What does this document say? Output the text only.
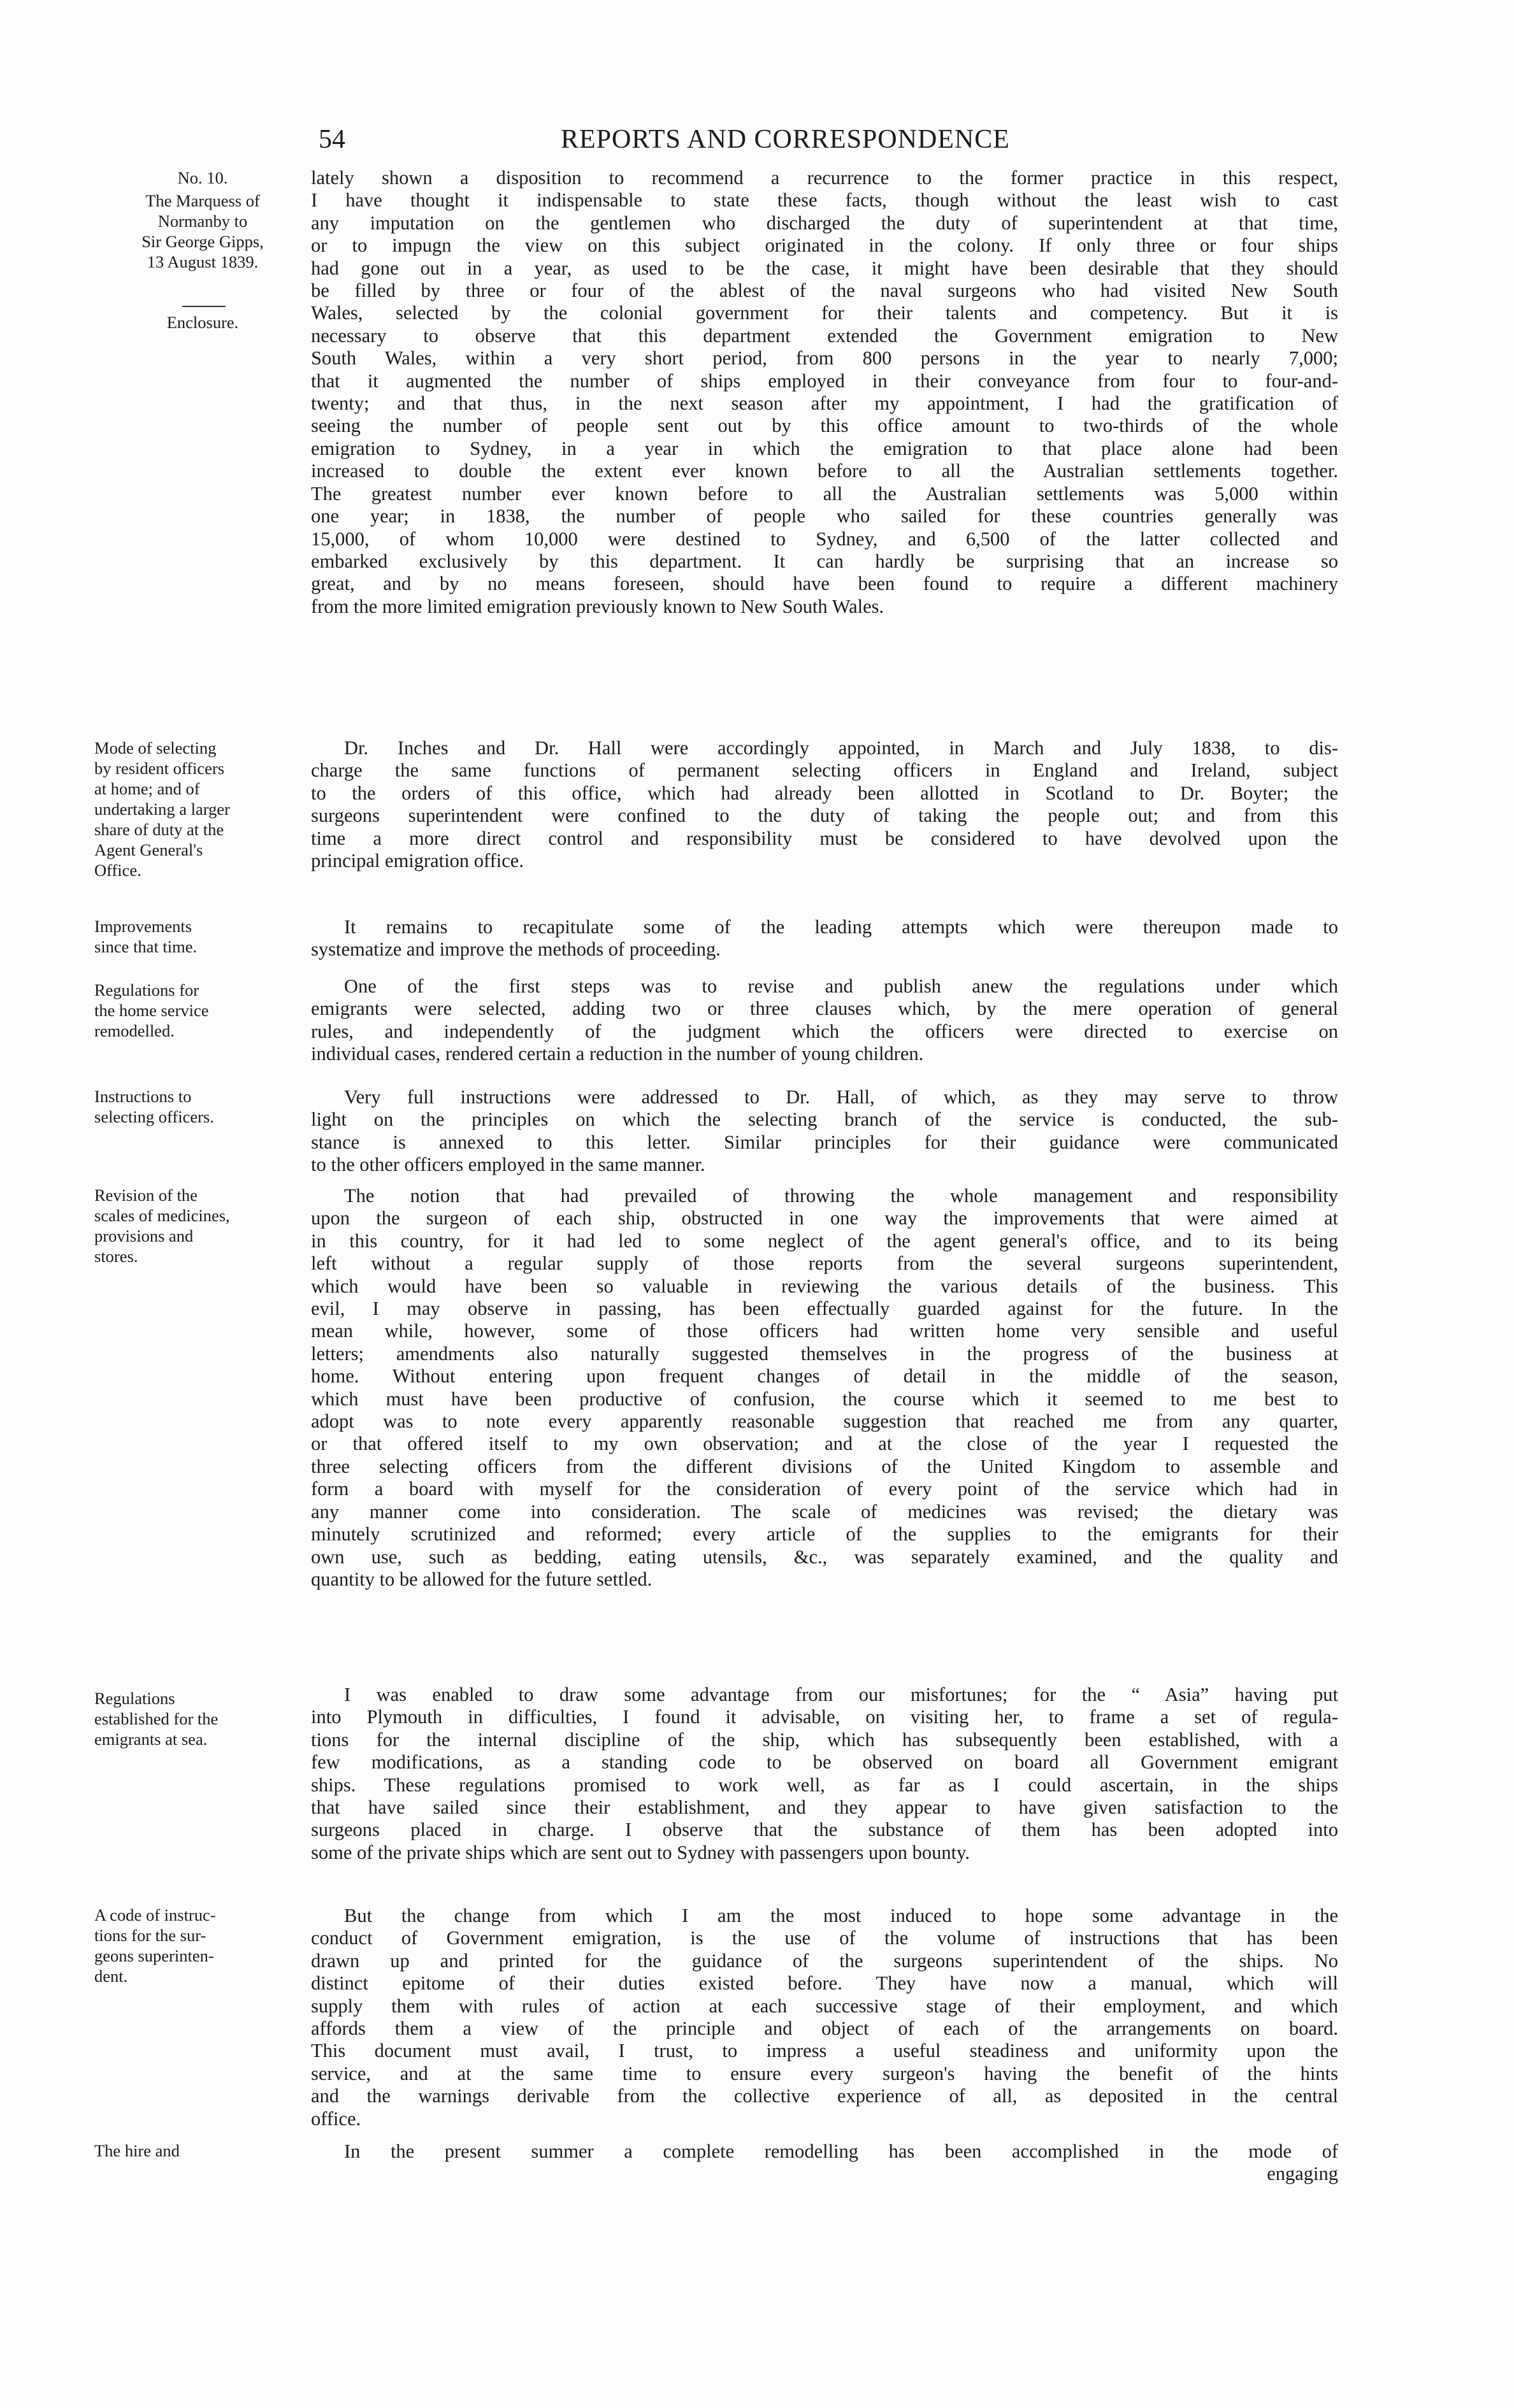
54	REPORTS AND CORRESPONDENCE
No. 10.
The Marquess of
Normanby to
Sir George Gipps,
13 August 1839.
Enclosure.
Mode of selecting
by resident officers
at home; and of
undertaking a larger
share of duty at the
Agent General's
Office.
Improvements
since that time.
Regulations for
the home service
remodelled.
Instructions to
selecting officers.
Revision of the
scales of medicines,
provisions and
stores.
Regulations
established for the
emigrants at sea.
A code of instruc-
tions for the sur-
geons superinten-
dent.
The hire and
lately shown a disposition to recommend a recurrence to the former practice in this respect,
I have thought it indispensable to state these facts, though without the least wish to cast
any imputation on the gentlemen who discharged the duty of superintendent at that time,
or to impugn the view on this subject originated in the colony. If only three or four ships
had gone out in a year, as used to be the case, it might have been desirable that they should
be filled by three or four of the ablest of the naval surgeons who had visited New South
Wales, selected by the colonial government for their talents and competency. But it is
necessary to observe that this department extended the Government emigration to New
South Wales, within a very short period, from 800 persons in the year to nearly 7,000;
that it augmented the number of ships employed in their conveyance from four to four-and-
twenty; and that thus, in the next season after my appointment, I had the gratification of
seeing the number of people sent out by this office amount to two-thirds of the whole
emigration to Sydney, in a year in which the emigration to that place alone had been
increased to double the extent ever known before to all the Australian settlements together.
The greatest number ever known before to all the Australian settlements was 5,000 within
one year; in 1838, the number of people who sailed for these countries generally was
15,000, of whom 10,000 were destined to Sydney, and 6,500 of the latter collected and
embarked exclusively by this department. It can hardly be surprising that an increase so
great, and by no means foreseen, should have been found to require a different machinery
from the more limited emigration previously known to New South Wales.
Dr. Inches and Dr. Hall were accordingly appointed, in March and July 1838, to dis-
charge the same functions of permanent selecting officers in England and Ireland, subject
to the orders of this office, which had already been allotted in Scotland to Dr. Boyter; the
surgeons superintendent were confined to the duty of taking the people out; and from this
time a more direct control and responsibility must be considered to have devolved upon the
principal emigration office.
It remains to recapitulate some of the leading attempts which were thereupon made to
systematize and improve the methods of proceeding.
One of the first steps was to revise and publish anew the regulations under which
emigrants were selected, adding two or three clauses which, by the mere operation of general
rules, and independently of the judgment which the officers were directed to exercise on
individual cases, rendered certain a reduction in the number of young children.
Very full instructions were addressed to Dr. Hall, of which, as they may serve to throw
light on the principles on which the selecting branch of the service is conducted, the sub-
stance is annexed to this letter. Similar principles for their guidance were communicated
to the other officers employed in the same manner.
The notion that had prevailed of throwing the whole management and responsibility
upon the surgeon of each ship, obstructed in one way the improvements that were aimed at
in this country, for it had led to some neglect of the agent general's office, and to its being
left without a regular supply of those reports from the several surgeons superintendent,
which would have been so valuable in reviewing the various details of the business. This
evil, I may observe in passing, has been effectually guarded against for the future. In the
mean while, however, some of those officers had written home very sensible and useful
letters; amendments also naturally suggested themselves in the progress of the business at
home. Without entering upon frequent changes of detail in the middle of the season,
which must have been productive of confusion, the course which it seemed to me best to
adopt was to note every apparently reasonable suggestion that reached me from any quarter,
or that offered itself to my own observation; and at the close of the year I requested the
three selecting officers from the different divisions of the United Kingdom to assemble and
form a board with myself for the consideration of every point of the service which had in
any manner come into consideration. The scale of medicines was revised; the dietary was
minutely scrutinized and reformed; every article of the supplies to the emigrants for their
own use, such as bedding, eating utensils, &c., was separately examined, and the quality and
quantity to be allowed for the future settled.
I was enabled to draw some advantage from our misfortunes; for the “ Asia” having put
into Plymouth in difficulties, I found it advisable, on visiting her, to frame a set of regula-
tions for the internal discipline of the ship, which has subsequently been established, with a
few modifications, as a standing code to be observed on board all Government emigrant
ships. These regulations promised to work well, as far as I could ascertain, in the ships
that have sailed since their establishment, and they appear to have given satisfaction to the
surgeons placed in charge. I observe that the substance of them has been adopted into
some of the private ships which are sent out to Sydney with passengers upon bounty.
But the change from which I am the most induced to hope some advantage in the
conduct of Government emigration, is the use of the volume of instructions that has been
drawn up and printed for the guidance of the surgeons superintendent of the ships. No
distinct epitome of their duties existed before. They have now a manual, which will
supply them with rules of action at each successive stage of their employment, and which
affords them a view of the principle and object of each of the arrangements on board.
This document must avail, I trust, to impress a useful steadiness and uniformity upon the
service, and at the same time to ensure every surgeon's having the benefit of the hints
and the warnings derivable from the collective experience of all, as deposited in the central
office.
In the present summer a complete remodelling has been accomplished in the mode of
engaging
